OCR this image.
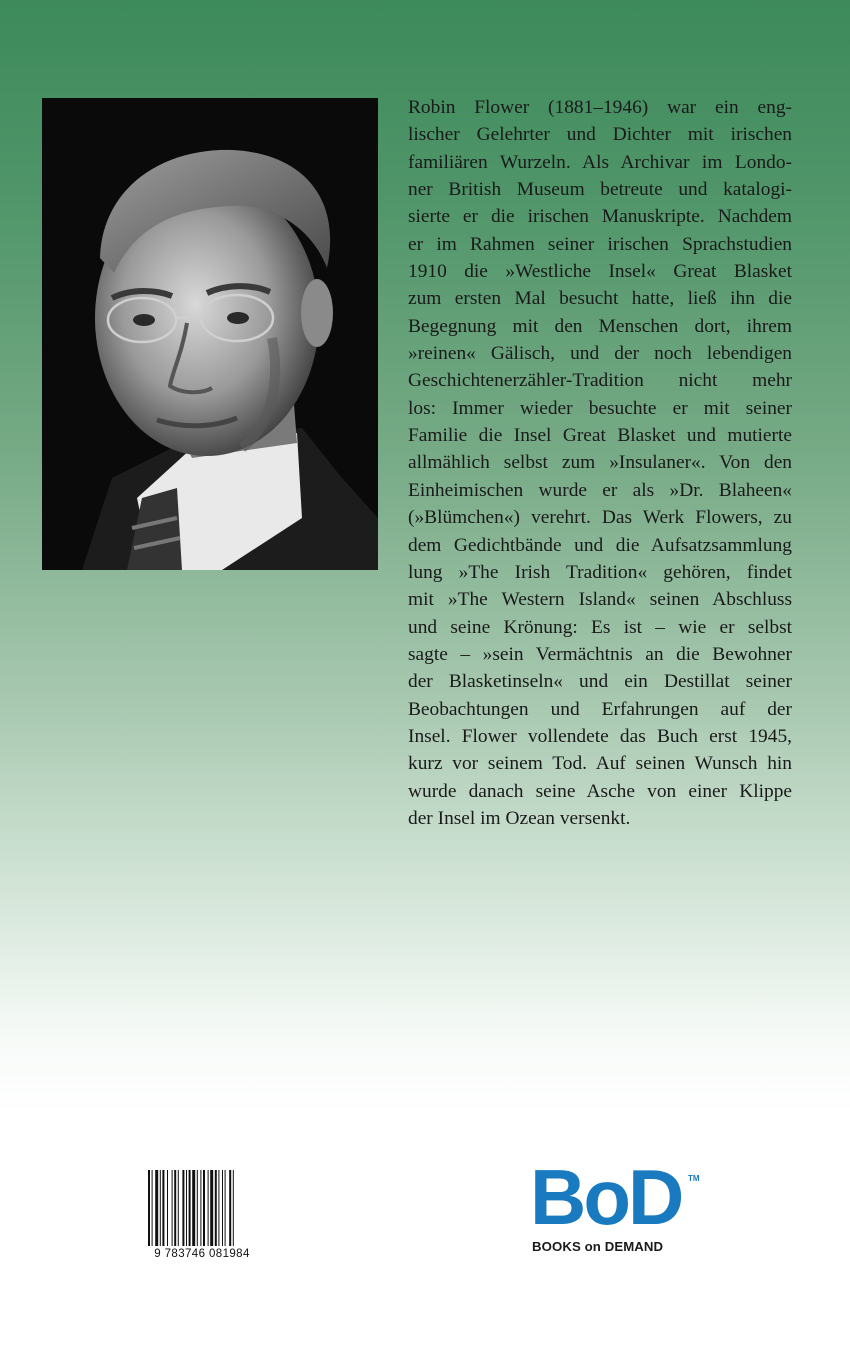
Robin Flower (1881–1946) war ein eng-
lischer Gelehrter und Dichter mit irischen
familiären Wurzeln. Als Archivar im Londo-
ner British Museum betreute und katalogi-
sierte er die irischen Manuskripte. Nachdem
er im Rahmen seiner irischen Sprachstudien
1910 die »Westliche Insel« Great Blasket
zum ersten Mal besucht hatte, ließ ihn die
Begegnung mit den Menschen dort, ihrem
»reinen« Gälisch, und der noch lebendigen
Geschichtenerzähler-Tradition nicht mehr
los: Immer wieder besuchte er mit seiner
Familie die Insel Great Blasket und mutierte
allmählich selbst zum »Insulaner«. Von den
Einheimischen wurde er als »Dr. Blaheen«
(»Blümchen«) verehrt. Das Werk Flowers, zu
dem Gedichtbände und die Aufsatzsammlung
lung »The Irish Tradition« gehören, findet
mit »The Western Island« seinen Abschluss
und seine Krönung: Es ist – wie er selbst
sagte – »sein Vermächtnis an die Bewohner
der Blasketinseln« und ein Destillat seiner
Beobachtungen und Erfahrungen auf der
Insel. Flower vollendete das Buch erst 1945,
kurz vor seinem Tod. Auf seinen Wunsch hin
wurde danach seine Asche von einer Klippe
der Insel im Ozean versenkt.
9 783746 081984
BoD TM
BOOKS on DEMAND
